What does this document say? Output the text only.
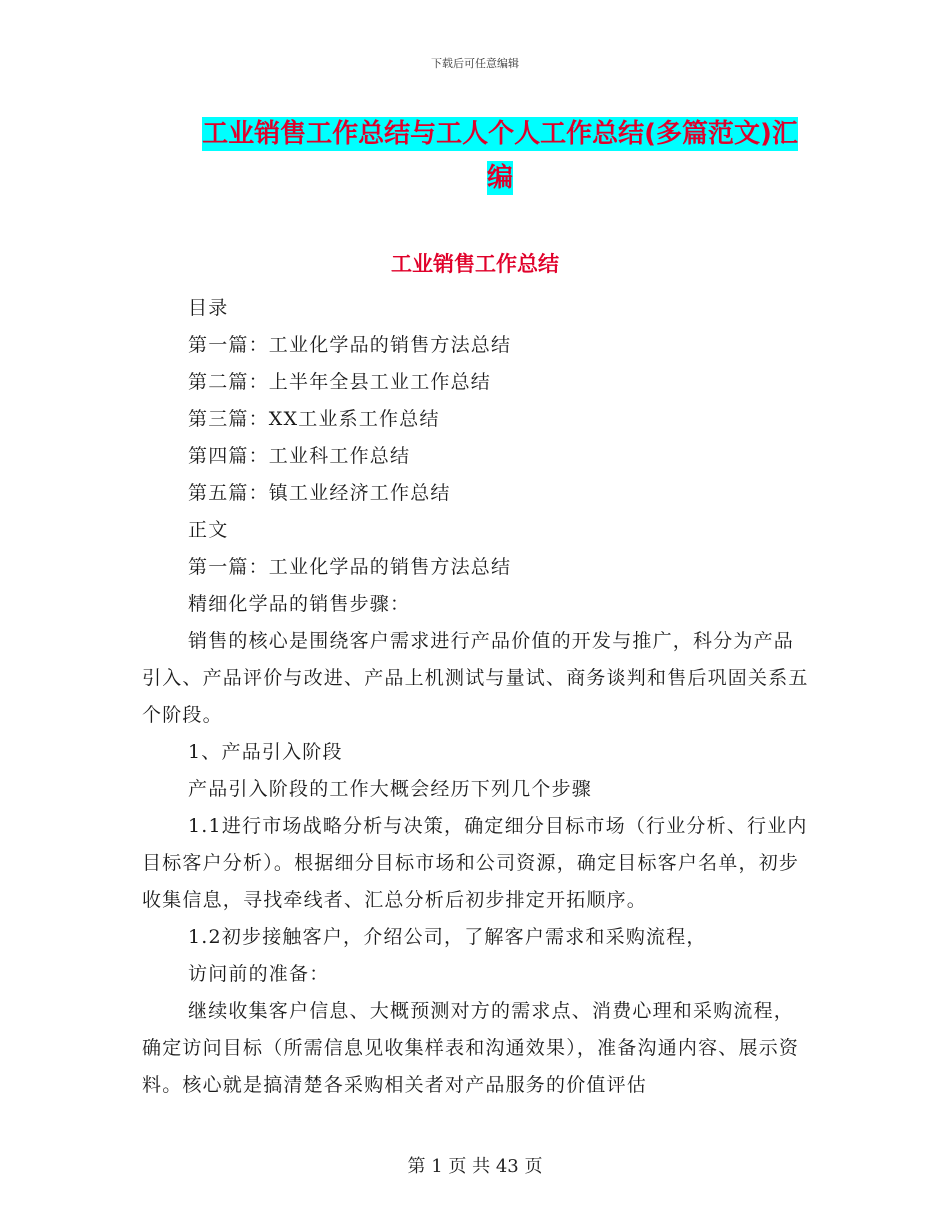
下载后可任意编辑
工业销售工作总结与工人个人工作总结(多篇范文)汇
编
工业销售工作总结

目录

第一篇：工业化学品的销售方法总结

第二篇：上半年全县工业工作总结

第三篇：XX工业系工作总结

第四篇：工业科工作总结

第五篇：镇工业经济工作总结

正文

第一篇：工业化学品的销售方法总结

精细化学品的销售步骤：

销售的核心是围绕客户需求进行产品价值的开发与推广，科分为产品引入、产品评价与改进、产品上机测试与量试、商务谈判和售后巩固关系五个阶段。

1、产品引入阶段

产品引入阶段的工作大概会经历下列几个步骤

1.1进行市场战略分析与决策，确定细分目标市场（行业分析、行业内目标客户分析）。根据细分目标市场和公司资源，确定目标客户名单，初步收集信息，寻找牵线者、汇总分析后初步排定开拓顺序。

1.2初步接触客户，介绍公司，了解客户需求和采购流程，

访问前的准备：

继续收集客户信息、大概预测对方的需求点、消费心理和采购流程，确定访问目标（所需信息见收集样表和沟通效果），准备沟通内容、展示资料。核心就是搞清楚各采购相关者对产品服务的价值评估

第 1 页 共 43 页
